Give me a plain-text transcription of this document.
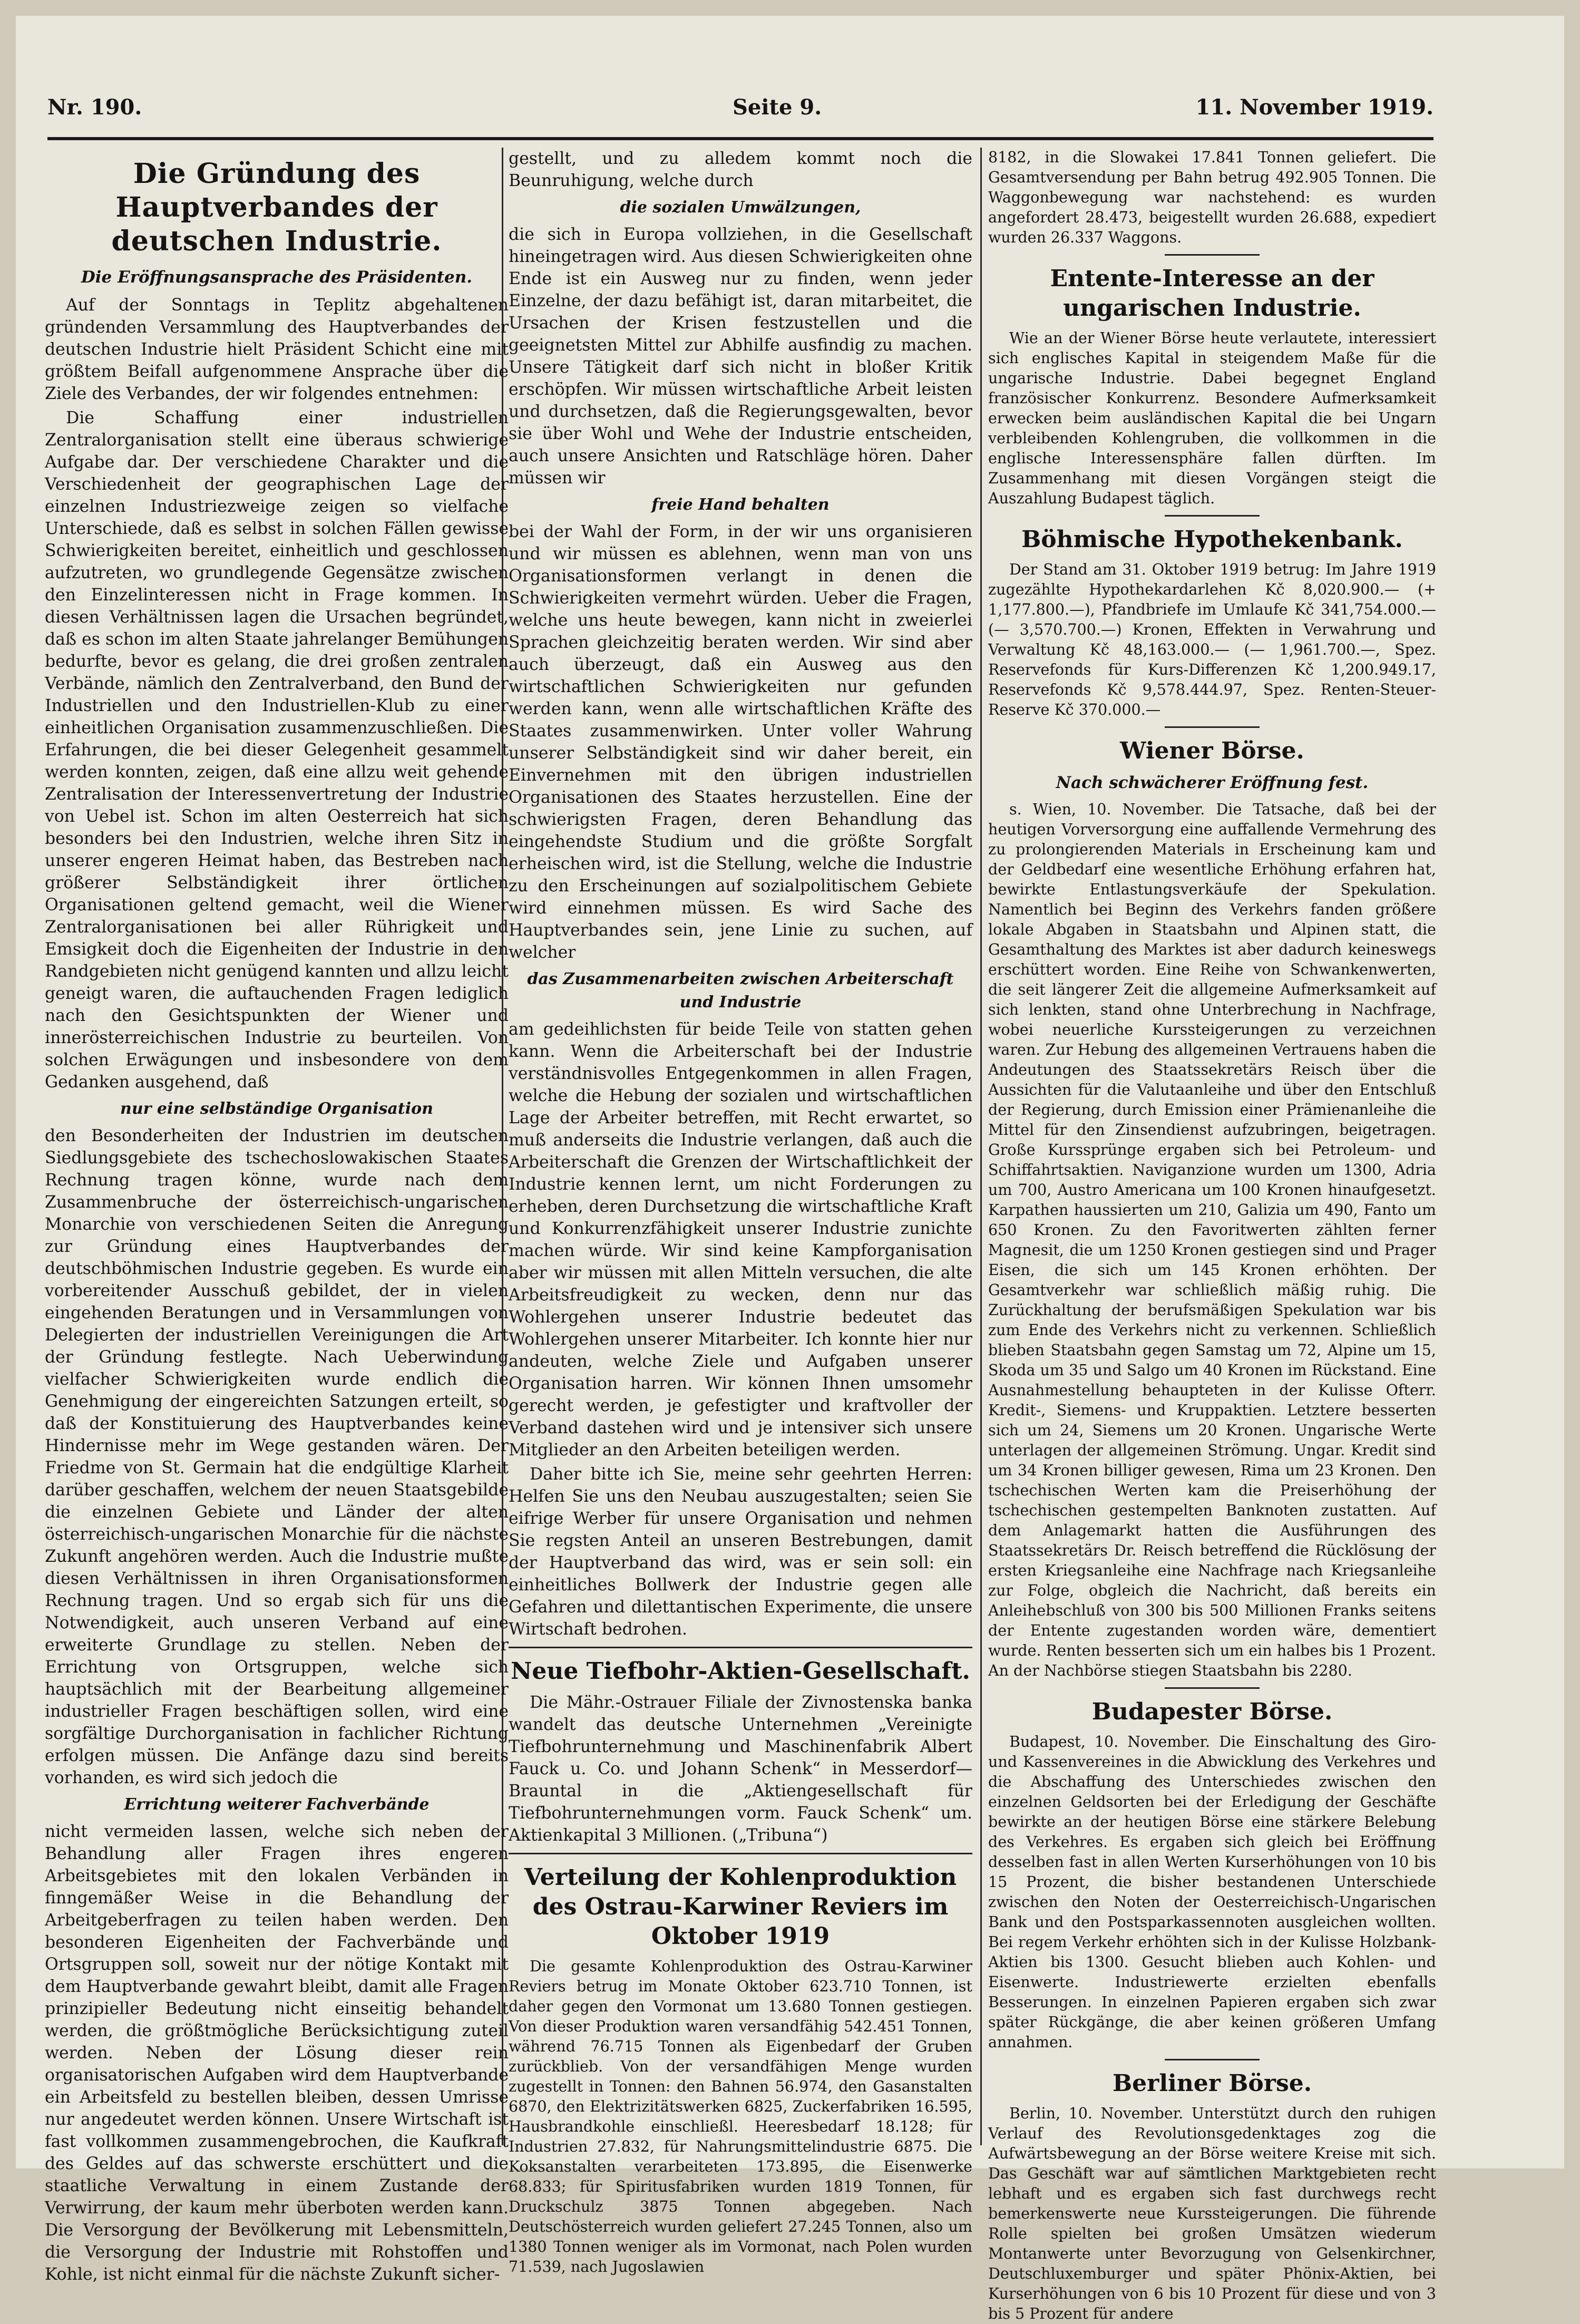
Nr. 190.	Seite 9.	11. November 1919.
Die Gründung des Hauptverbandes der deutschen Industrie.
Die Eröffnungsansprache des Präsidenten.

Auf der Sonntags in Teplitz abgehaltenen gründenden Versammlung des Hauptverbandes der deutschen Industrie hielt Präsident Schicht eine mit größtem Beifall aufgenommene Ansprache über die Ziele des Verbandes, der wir folgendes entnehmen:

Die Schaffung einer industriellen Zentralorganisation stellt eine überaus schwierige Aufgabe dar. Der verschiedene Charakter und die Verschiedenheit der geographischen Lage der einzelnen Industriezweige zeigen so vielfache Unterschiede, daß es selbst in solchen Fällen gewisse Schwierigkeiten bereitet, einheitlich und geschlossen aufzutreten, wo grundlegende Gegensätze zwischen den Einzelinteressen nicht in Frage kommen. In diesen Verhältnissen lagen die Ursachen begründet, daß es schon im alten Staate jahrelanger Bemühungen bedurfte, bevor es gelang, die drei großen zentralen Verbände, nämlich den Zentralverband, den Bund der Industriellen und den Industriellen-Klub zu einer einheitlichen Organisation zusammenzuschließen. Die Erfahrungen, die bei dieser Gelegenheit gesammelt werden konnten, zeigen, daß eine allzu weit gehende Zentralisation der Interessenvertretung der Industrie von Uebel ist. Schon im alten Oesterreich hat sich besonders bei den Industrien, welche ihren Sitz in unserer engeren Heimat haben, das Bestreben nach größerer Selbständigkeit ihrer örtlichen Organisationen geltend gemacht, weil die Wiener Zentralorganisationen bei aller Rührigkeit und Emsigkeit doch die Eigenheiten der Industrie in den Randgebieten nicht genügend kannten und allzu leicht geneigt waren, die auftauchenden Fragen lediglich nach den Gesichtspunkten der Wiener und innerösterreichischen Industrie zu beurteilen. Von solchen Erwägungen und insbesondere von dem Gedanken ausgehend, daß

nur eine selbständige Organisation

den Besonderheiten der Industrien im deutschen Siedlungsgebiete des tschechoslowakischen Staates Rechnung tragen könne, wurde nach dem Zusammenbruche der österreichisch-ungarischen Monarchie von verschiedenen Seiten die Anregung zur Gründung eines Hauptverbandes der deutschböhmischen Industrie gegeben. Es wurde ein vorbereitender Ausschuß gebildet, der in vielen eingehenden Beratungen und in Versammlungen von Delegierten der industriellen Vereinigungen die Art der Gründung festlegte. Nach Ueberwindung vielfacher Schwierigkeiten wurde endlich die Genehmigung der eingereichten Satzungen erteilt, so daß der Konstituierung des Hauptverbandes keine Hindernisse mehr im Wege gestanden wären. Der Friedme von St. Germain hat die endgültige Klarheit darüber geschaffen, welchem der neuen Staatsgebilde die einzelnen Gebiete und Länder der alten österreichisch-ungarischen Monarchie für die nächste Zukunft angehören werden. Auch die Industrie mußte diesen Verhältnissen in ihren Organisationsformen Rechnung tragen. Und so ergab sich für uns die Notwendigkeit, auch unseren Verband auf eine erweiterte Grundlage zu stellen. Neben der Errichtung von Ortsgruppen, welche sich hauptsächlich mit der Bearbeitung allgemeiner industrieller Fragen beschäftigen sollen, wird eine sorgfältige Durchorganisation in fachlicher Richtung erfolgen müssen. Die Anfänge dazu sind bereits vorhanden, es wird sich jedoch die

Errichtung weiterer Fachverbände

nicht vermeiden lassen, welche sich neben der Behandlung aller Fragen ihres engeren Arbeitsgebietes mit den lokalen Verbänden in finngemäßer Weise in die Behandlung der Arbeitgeberfragen zu teilen haben werden. Den besonderen Eigenheiten der Fachverbände und Ortsgruppen soll, soweit nur der nötige Kontakt mit dem Hauptverbande gewahrt bleibt, damit alle Fragen prinzipieller Bedeutung nicht einseitig behandelt werden, die größtmögliche Berücksichtigung zuteil werden. Neben der Lösung dieser rein organisatorischen Aufgaben wird dem Hauptverbande ein Arbeitsfeld zu bestellen bleiben, dessen Umrisse nur angedeutet werden können. Unsere Wirtschaft ist fast vollkommen zusammengebrochen, die Kaufkraft des Geldes auf das schwerste erschüttert und die staatliche Verwaltung in einem Zustande der Verwirrung, der kaum mehr überboten werden kann. Die Versorgung der Bevölkerung mit Lebensmitteln, die Versorgung der Industrie mit Rohstoffen und Kohle, ist nicht einmal für die nächste Zukunft sicher-

gestellt, und zu alledem kommt noch die Beunruhigung, welche durch

die sozialen Umwälzungen,

die sich in Europa vollziehen, in die Gesellschaft hineingetragen wird. Aus diesen Schwierigkeiten ohne Ende ist ein Ausweg nur zu finden, wenn jeder Einzelne, der dazu befähigt ist, daran mitarbeitet, die Ursachen der Krisen festzustellen und die geeignetsten Mittel zur Abhilfe ausfindig zu machen. Unsere Tätigkeit darf sich nicht in bloßer Kritik erschöpfen. Wir müssen wirtschaftliche Arbeit leisten und durchsetzen, daß die Regierungsgewalten, bevor sie über Wohl und Wehe der Industrie entscheiden, auch unsere Ansichten und Ratschläge hören. Daher müssen wir

freie Hand behalten

bei der Wahl der Form, in der wir uns organisieren und wir müssen es ablehnen, wenn man von uns Organisationsformen verlangt in denen die Schwierigkeiten vermehrt würden. Ueber die Fragen, welche uns heute bewegen, kann nicht in zweierlei Sprachen gleichzeitig beraten werden. Wir sind aber auch überzeugt, daß ein Ausweg aus den wirtschaftlichen Schwierigkeiten nur gefunden werden kann, wenn alle wirtschaftlichen Kräfte des Staates zusammenwirken. Unter voller Wahrung unserer Selbständigkeit sind wir daher bereit, ein Einvernehmen mit den übrigen industriellen Organisationen des Staates herzustellen. Eine der schwierigsten Fragen, deren Behandlung das eingehendste Studium und die größte Sorgfalt erheischen wird, ist die Stellung, welche die Industrie zu den Erscheinungen auf sozialpolitischem Gebiete wird einnehmen müssen. Es wird Sache des Hauptverbandes sein, jene Linie zu suchen, auf welcher

das Zusammenarbeiten zwischen Arbeiterschaft und Industrie

am gedeihlichsten für beide Teile von statten gehen kann. Wenn die Arbeiterschaft bei der Industrie verständnisvolles Entgegenkommen in allen Fragen, welche die Hebung der sozialen und wirtschaftlichen Lage der Arbeiter betreffen, mit Recht erwartet, so muß anderseits die Industrie verlangen, daß auch die Arbeiterschaft die Grenzen der Wirtschaftlichkeit der Industrie kennen lernt, um nicht Forderungen zu erheben, deren Durchsetzung die wirtschaftliche Kraft und Konkurrenzfähigkeit unserer Industrie zunichte machen würde. Wir sind keine Kampforganisation aber wir müssen mit allen Mitteln versuchen, die alte Arbeitsfreudigkeit zu wecken, denn nur das Wohlergehen unserer Industrie bedeutet das Wohlergehen unserer Mitarbeiter. Ich konnte hier nur andeuten, welche Ziele und Aufgaben unserer Organisation harren. Wir können Ihnen umsomehr gerecht werden, je gefestigter und kraftvoller der Verband dastehen wird und je intensiver sich unsere Mitglieder an den Arbeiten beteiligen werden.

Daher bitte ich Sie, meine sehr geehrten Herren: Helfen Sie uns den Neubau auszugestalten; seien Sie eifrige Werber für unsere Organisation und nehmen Sie regsten Anteil an unseren Bestrebungen, damit der Hauptverband das wird, was er sein soll: ein einheitliches Bollwerk der Industrie gegen alle Gefahren und dilettantischen Experimente, die unsere Wirtschaft bedrohen.

Neue Tiefbohr-Aktien-Gesellschaft.

Die Mähr.-Ostrauer Filiale der Zivnostenska banka wandelt das deutsche Unternehmen „Vereinigte Tiefbohrunternehmung und Maschinenfabrik Albert Fauck u. Co. und Johann Schenk“ in Messerdorf—Brauntal in die „Aktiengesellschaft für Tiefbohrunternehmungen vorm. Fauck Schenk“ um. Aktienkapital 3 Millionen. („Tribuna“)

Verteilung der Kohlenproduktion des Ostrau-Karwiner Reviers im Oktober 1919

Die gesamte Kohlenproduktion des Ostrau-Karwiner Reviers betrug im Monate Oktober 623.710 Tonnen, ist daher gegen den Vormonat um 13.680 Tonnen gestiegen. Von dieser Produktion waren versandfähig 542.451 Tonnen, während 76.715 Tonnen als Eigenbedarf der Gruben zurückblieb. Von der versandfähigen Menge wurden zugestellt in Tonnen: den Bahnen 56.974, den Gasanstalten 6870, den Elektrizitätswerken 6825, Zuckerfabriken 16.595, Hausbrandkohle einschließl. Heeresbedarf 18.128; für Industrien 27.832, für Nahrungsmittelindustrie 6875. Die Koksanstalten verarbeiteten 173.895, die Eisenwerke 68.833; für Spiritusfabriken wurden 1819 Tonnen, für Druckschulz 3875 Tonnen abgegeben. Nach Deutschösterreich wurden geliefert 27.245 Tonnen, also um 1380 Tonnen weniger als im Vormonat, nach Polen wurden 71.539, nach Jugoslawien

8182, in die Slowakei 17.841 Tonnen geliefert. Die Gesamtversendung per Bahn betrug 492.905 Tonnen. Die Waggonbewegung war nachstehend: es wurden angefordert 28.473, beigestellt wurden 26.688, expediert wurden 26.337 Waggons.

Entente-Interesse an der ungarischen Industrie.

Wie an der Wiener Börse heute verlautete, interessiert sich englisches Kapital in steigendem Maße für die ungarische Industrie. Dabei begegnet England französischer Konkurrenz. Besondere Aufmerksamkeit erwecken beim ausländischen Kapital die bei Ungarn verbleibenden Kohlengruben, die vollkommen in die englische Interessensphäre fallen dürften. Im Zusammenhang mit diesen Vorgängen steigt die Auszahlung Budapest täglich.

Böhmische Hypothekenbank.

Der Stand am 31. Oktober 1919 betrug: Im Jahre 1919 zugezählte Hypothekardarlehen Kč 8,020.900.— (+ 1,177.800.—), Pfandbriefe im Umlaufe Kč 341,754.000.— (— 3,570.700.—) Kronen, Effekten in Verwahrung und Verwaltung Kč 48,163.000.— (— 1,961.700.—, Spez. Reservefonds für Kurs-Differenzen Kč 1,200.949.17, Reservefonds Kč 9,578.444.97, Spez. Renten-Steuer-Reserve Kč 370.000.—

Wiener Börse.
Nach schwächerer Eröffnung fest.

s. Wien, 10. November. Die Tatsache, daß bei der heutigen Vorversorgung eine auffallende Vermehrung des zu prolongierenden Materials in Erscheinung kam und der Geldbedarf eine wesentliche Erhöhung erfahren hat, bewirkte Entlastungsverkäufe der Spekulation. Namentlich bei Beginn des Verkehrs fanden größere lokale Abgaben in Staatsbahn und Alpinen statt, die Gesamthaltung des Marktes ist aber dadurch keineswegs erschüttert worden. Eine Reihe von Schwankenwerten, die seit längerer Zeit die allgemeine Aufmerksamkeit auf sich lenkten, stand ohne Unterbrechung in Nachfrage, wobei neuerliche Kurssteigerungen zu verzeichnen waren. Zur Hebung des allgemeinen Vertrauens haben die Andeutungen des Staatssekretärs Reisch über die Aussichten für die Valutaanleihe und über den Entschluß der Regierung, durch Emission einer Prämienanleihe die Mittel für den Zinsendienst aufzubringen, beigetragen. Große Kurssprünge ergaben sich bei Petroleum- und Schiffahrtsaktien. Naviganzione wurden um 1300, Adria um 700, Austro Americana um 100 Kronen hinaufgesetzt. Karpathen haussierten um 210, Galizia um 490, Fanto um 650 Kronen. Zu den Favoritwerten zählten ferner Magnesit, die um 1250 Kronen gestiegen sind und Prager Eisen, die sich um 145 Kronen erhöhten. Der Gesamtverkehr war schließlich mäßig ruhig. Die Zurückhaltung der berufsmäßigen Spekulation war bis zum Ende des Verkehrs nicht zu verkennen. Schließlich blieben Staatsbahn gegen Samstag um 72, Alpine um 15, Skoda um 35 und Salgo um 40 Kronen im Rückstand. Eine Ausnahmestellung behaupteten in der Kulisse Ofterr. Kredit-, Siemens- und Kruppaktien. Letztere besserten sich um 24, Siemens um 20 Kronen. Ungarische Werte unterlagen der allgemeinen Strömung. Ungar. Kredit sind um 34 Kronen billiger gewesen, Rima um 23 Kronen. Den tschechischen Werten kam die Preiserhöhung der tschechischen gestempelten Banknoten zustatten. Auf dem Anlagemarkt hatten die Ausführungen des Staatssekretärs Dr. Reisch betreffend die Rücklösung der ersten Kriegsanleihe eine Nachfrage nach Kriegsanleihe zur Folge, obgleich die Nachricht, daß bereits ein Anleihebschluß von 300 bis 500 Millionen Franks seitens der Entente zugestanden worden wäre, dementiert wurde. Renten besserten sich um ein halbes bis 1 Prozent. An der Nachbörse stiegen Staatsbahn bis 2280.

Budapester Börse.

Budapest, 10. November. Die Einschaltung des Giro- und Kassenvereines in die Abwicklung des Verkehres und die Abschaffung des Unterschiedes zwischen den einzelnen Geldsorten bei der Erledigung der Geschäfte bewirkte an der heutigen Börse eine stärkere Belebung des Verkehres. Es ergaben sich gleich bei Eröffnung desselben fast in allen Werten Kurserhöhungen von 10 bis 15 Prozent, die bisher bestandenen Unterschiede zwischen den Noten der Oesterreichisch-Ungarischen Bank und den Postsparkassennoten ausgleichen wollten. Bei regem Verkehr erhöhten sich in der Kulisse Holzbank-Aktien bis 1300. Gesucht blieben auch Kohlen- und Eisenwerte. Industriewerte erzielten ebenfalls Besserungen. In einzelnen Papieren ergaben sich zwar später Rückgänge, die aber keinen größeren Umfang annahmen.

Berliner Börse.

Berlin, 10. November. Unterstützt durch den ruhigen Verlauf des Revolutionsgedenktages zog die Aufwärtsbewegung an der Börse weitere Kreise mit sich. Das Geschäft war auf sämtlichen Marktgebieten recht lebhaft und es ergaben sich fast durchwegs recht bemerkenswerte neue Kurssteigerungen. Die führende Rolle spielten bei großen Umsätzen wiederum Montanwerte unter Bevorzugung von Gelsenkirchner, Deutschluxemburger und später Phönix-Aktien, bei Kurserhöhungen von 6 bis 10 Prozent für diese und von 3 bis 5 Prozent für andere
